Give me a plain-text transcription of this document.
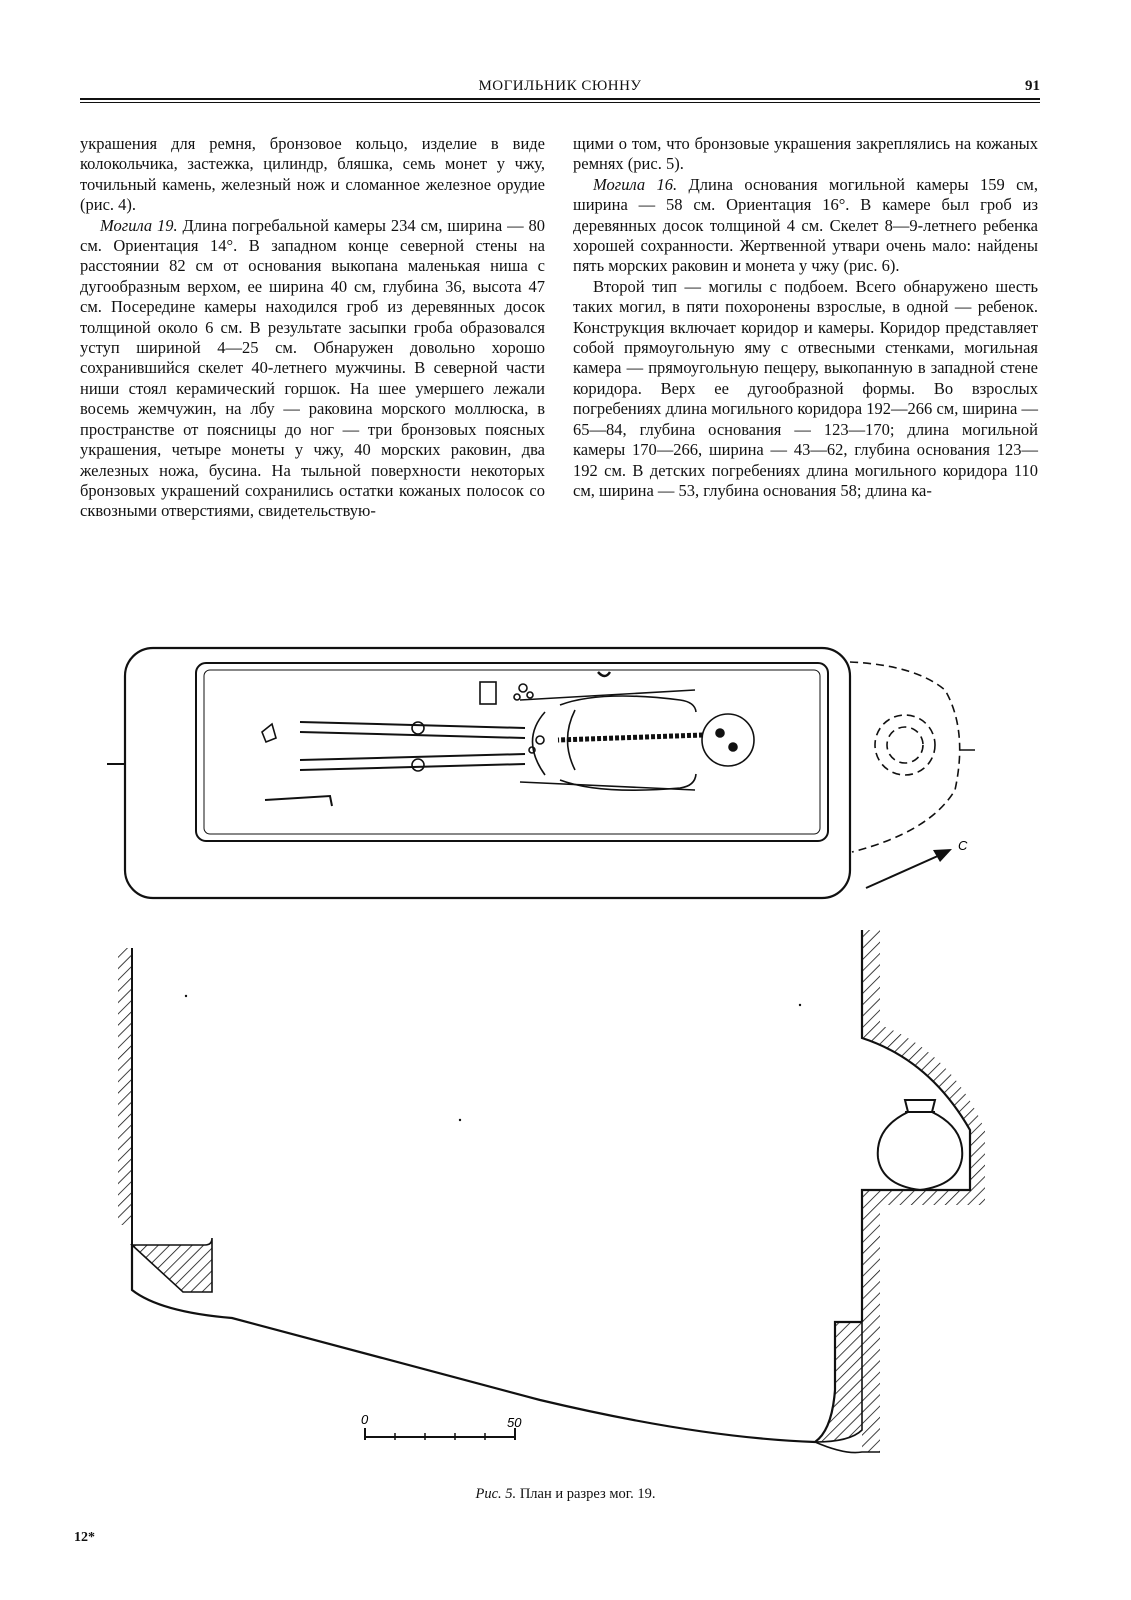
МОГИЛЬНИК СЮННУ	91

украшения для ремня, бронзовое кольцо, изделие в виде колокольчика, застежка, цилиндр, бляшка, семь монет у чжу, точильный камень, железный нож и сломанное железное орудие (рис. 4).

Могила 19. Длина погребальной камеры 234 см, ширина — 80 см. Ориентация 14°. В западном конце северной стены на расстоянии 82 см от основания выкопана маленькая ниша с дугообразным верхом, ее ширина 40 см, глубина 36, высота 47 см. Посередине камеры находился гроб из деревянных досок толщиной около 6 см. В результате засыпки гроба образовался уступ шириной 4—25 см. Обнаружен довольно хорошо сохранившийся скелет 40-летнего мужчины. В северной части ниши стоял керамический горшок. На шее умершего лежали восемь жемчужин, на лбу — раковина морского моллюска, в пространстве от поясницы до ног — три бронзовых поясных украшения, четыре монеты у чжу, 40 морских раковин, два железных ножа, бусина. На тыльной поверхности некоторых бронзовых украшений сохранились остатки кожаных полосок со сквозными отверстиями, свидетельствую-

щими о том, что бронзовые украшения закреплялись на кожаных ремнях (рис. 5).

Могила 16. Длина основания могильной камеры 159 см, ширина — 58 см. Ориентация 16°. В камере был гроб из деревянных досок толщиной 4 см. Скелет 8—9-летнего ребенка хорошей сохранности. Жертвенной утвари очень мало: найдены пять морских раковин и монета у чжу (рис. 6).

Второй тип — могилы с подбоем. Всего обнаружено шесть таких могил, в пяти похоронены взрослые, в одной — ребенок. Конструкция включает коридор и камеры. Коридор представляет собой прямоугольную яму с отвесными стенками, могильная камера — прямоугольную пещеру, выкопанную в западной стене коридора. Верх ее дугообразной формы. Во взрослых погребениях длина могильного коридора 192—266 см, ширина — 65—84, глубина основания — 123—170; длина могильной камеры 170—266, ширина — 43—62, глубина основания 123—192 см. В детских погребениях длина могильного коридора 110 см, ширина — 53, глубина основания 58; длина ка-

С
0	50
Рис. 5. План и разрез мог. 19.
12*
